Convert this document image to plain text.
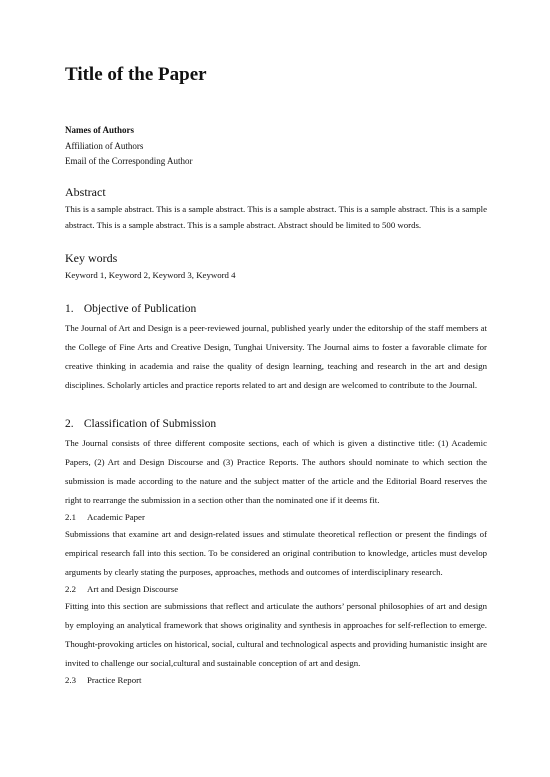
Title of the Paper
Names of Authors
Affiliation of Authors
Email of the Corresponding Author
Abstract

This is a sample abstract. This is a sample abstract. This is a sample abstract. This is a sample abstract. This is a sample abstract. This is a sample abstract. This is a sample abstract. Abstract should be limited to 500 words.

Key words

Keyword 1, Keyword 2, Keyword 3, Keyword 4

1. Objective of Publication

The Journal of Art and Design is a peer-reviewed journal, published yearly under the editorship of the staff members at the College of Fine Arts and Creative Design, Tunghai University. The Journal aims to foster a favorable climate for creative thinking in academia and raise the quality of design learning, teaching and research in the art and design disciplines. Scholarly articles and practice reports related to art and design are welcomed to contribute to the Journal.

2. Classification of Submission

The Journal consists of three different composite sections, each of which is given a distinctive title: (1) Academic Papers, (2) Art and Design Discourse and (3) Practice Reports. The authors should nominate to which section the submission is made according to the nature and the subject matter of the article and the Editorial Board reserves the right to rearrange the submission in a section other than the nominated one if it deems fit.

2.1 Academic Paper

Submissions that examine art and design-related issues and stimulate theoretical reflection or present the findings of empirical research fall into this section. To be considered an original contribution to knowledge, articles must develop arguments by clearly stating the purposes, approaches, methods and outcomes of interdisciplinary research.

2.2 Art and Design Discourse

Fitting into this section are submissions that reflect and articulate the authors’ personal philosophies of art and design by employing an analytical framework that shows originality and synthesis in approaches for self-reflection to emerge. Thought-provoking articles on historical, social, cultural and technological aspects and providing humanistic insight are invited to challenge our social,cultural and sustainable conception of art and design.

2.3 Practice Report
